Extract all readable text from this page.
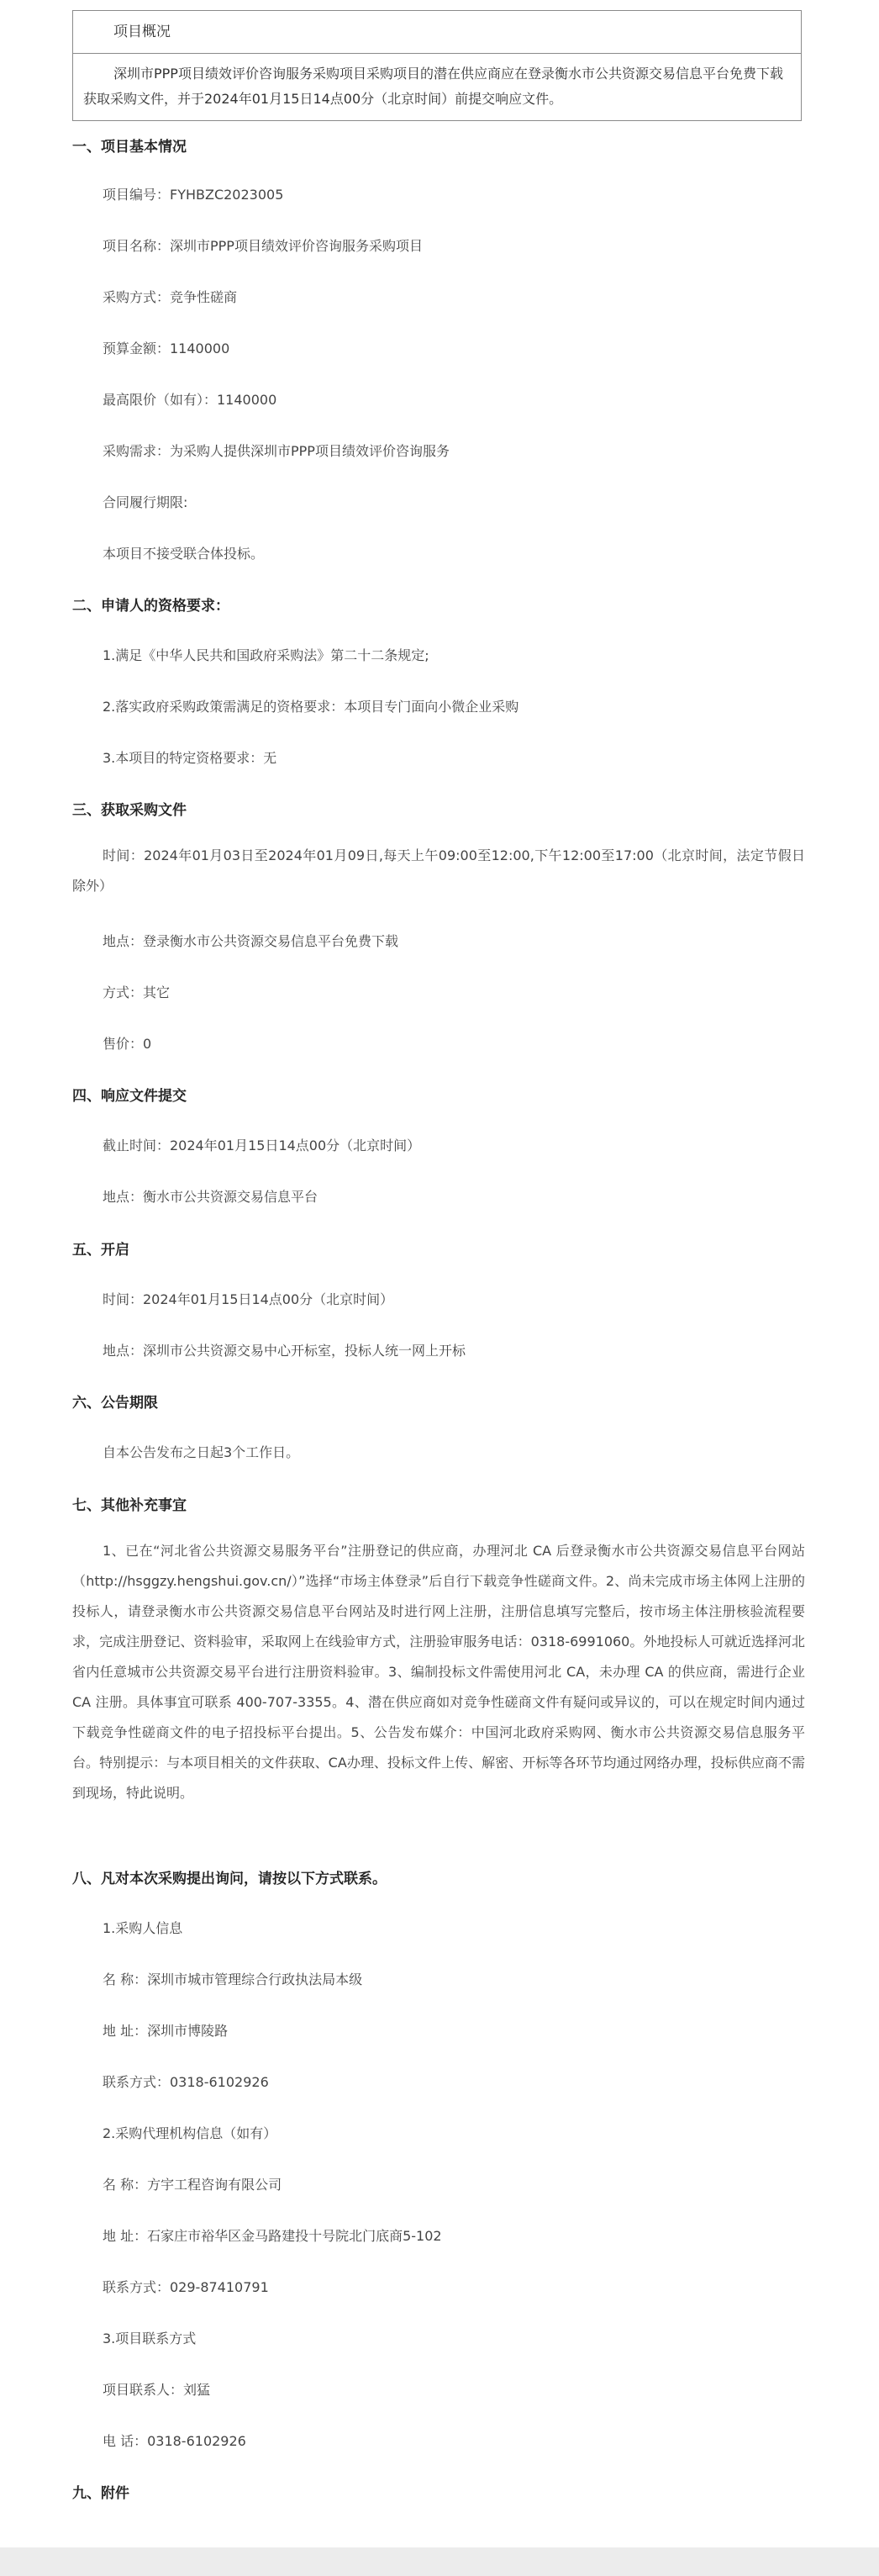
项目概况
深圳市PPP项目绩效评价咨询服务采购项目采购项目的潜在供应商应在登录衡水市公共资源交易信息平台免费下载获取采购文件，并于2024年01月15日14点00分（北京时间）前提交响应文件。
一、项目基本情况
项目编号：FYHBZC2023005
项目名称：深圳市PPP项目绩效评价咨询服务采购项目
采购方式：竞争性磋商
预算金额：1140000
最高限价（如有）：1140000
采购需求：为采购人提供深圳市PPP项目绩效评价咨询服务
合同履行期限:
本项目不接受联合体投标。
二、申请人的资格要求：
1.满足《中华人民共和国政府采购法》第二十二条规定;
2.落实政府采购政策需满足的资格要求：本项目专门面向小微企业采购
3.本项目的特定资格要求：无
三、获取采购文件
时间：2024年01月03日至2024年01月09日,每天上午09:00至12:00,下午12:00至17:00（北京时间，法定节假日除外）
地点：登录衡水市公共资源交易信息平台免费下载
方式：其它
售价：0
四、响应文件提交
截止时间：2024年01月15日14点00分（北京时间）
地点：衡水市公共资源交易信息平台
五、开启
时间：2024年01月15日14点00分（北京时间）
地点：深圳市公共资源交易中心开标室，投标人统一网上开标
六、公告期限
自本公告发布之日起3个工作日。
七、其他补充事宜
1、已在“河北省公共资源交易服务平台”注册登记的供应商，办理河北 CA 后登录衡水市公共资源交易信息平台网站（http://hsggzy.hengshui.gov.cn/）”选择“市场主体登录”后自行下载竞争性磋商文件。2、尚未完成市场主体网上注册的投标人，请登录衡水市公共资源交易信息平台网站及时进行网上注册，注册信息填写完整后，按市场主体注册核验流程要求，完成注册登记、资料验审，采取网上在线验审方式，注册验审服务电话：0318-6991060。外地投标人可就近选择河北省内任意城市公共资源交易平台进行注册资料验审。3、编制投标文件需使用河北 CA，未办理 CA 的供应商，需进行企业 CA 注册。具体事宜可联系 400-707-3355。4、潜在供应商如对竞争性磋商文件有疑问或异议的，可以在规定时间内通过下载竞争性磋商文件的电子招投标平台提出。5、公告发布媒介：中国河北政府采购网、衡水市公共资源交易信息服务平台。特别提示：与本项目相关的文件获取、CA办理、投标文件上传、解密、开标等各环节均通过网络办理，投标供应商不需到现场，特此说明。
八、凡对本次采购提出询问，请按以下方式联系。
1.采购人信息
名 称：深圳市城市管理综合行政执法局本级
地 址：深圳市博陵路
联系方式：0318-6102926
2.采购代理机构信息（如有）
名 称：方宇工程咨询有限公司
地 址：石家庄市裕华区金马路建投十号院北门底商5-102
联系方式：029-87410791
3.项目联系方式
项目联系人：刘猛
电 话：0318-6102926
九、附件
